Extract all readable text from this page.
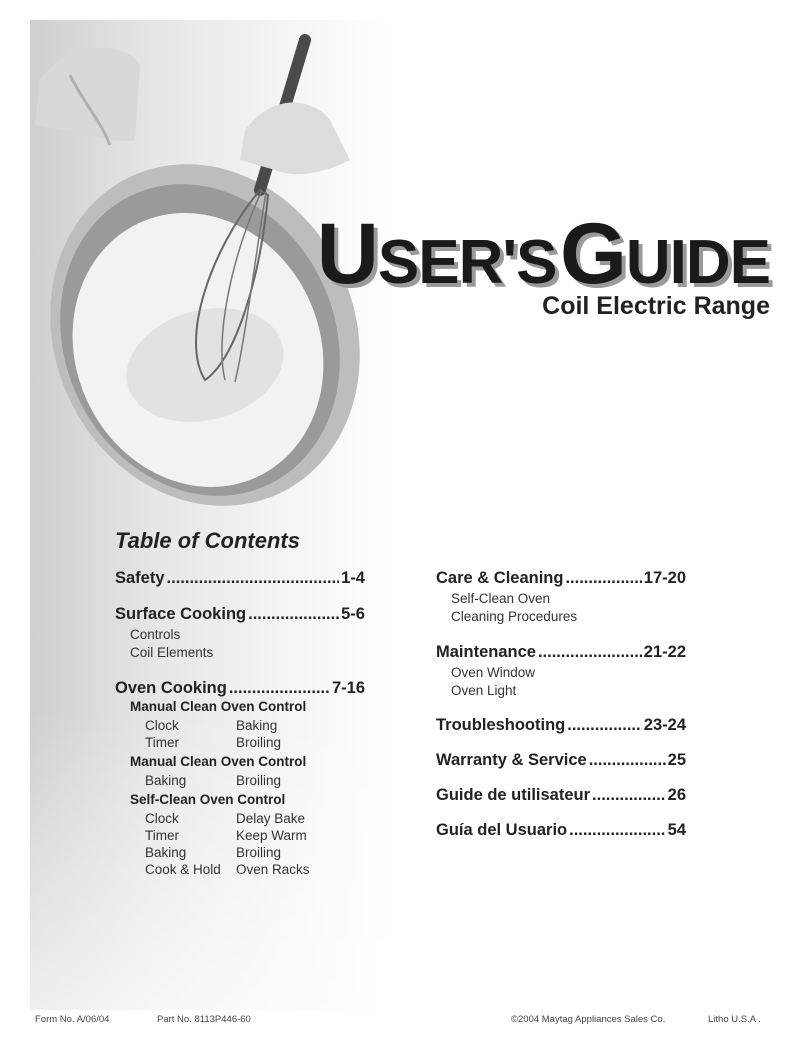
USER'S GUIDE
Coil Electric Range
Table of Contents
Safety .....	1-4
Surface Cooking .....	5-6
Controls
Coil Elements
Oven Cooking .....	7-16
Manual Clean Oven Control
Clock	Baking
Timer	Broiling
Manual Clean Oven Control
Baking	Broiling
Self-Clean Oven Control
Clock	Delay Bake
Timer	Keep Warm
Baking	Broiling
Cook & Hold	Oven Racks
Care & Cleaning .....	17-20
Self-Clean Oven
Cleaning Procedures
Maintenance .....	21-22
Oven Window
Oven Light
Troubleshooting .....	23-24
Warranty & Service .....	25
Guide de utilisateur .....	26
Guía del Usuario .....	54
Form No. A/06/04	Part No. 8113P446-60	©2004 Maytag Appliances Sales Co.	Litho U.S.A .
